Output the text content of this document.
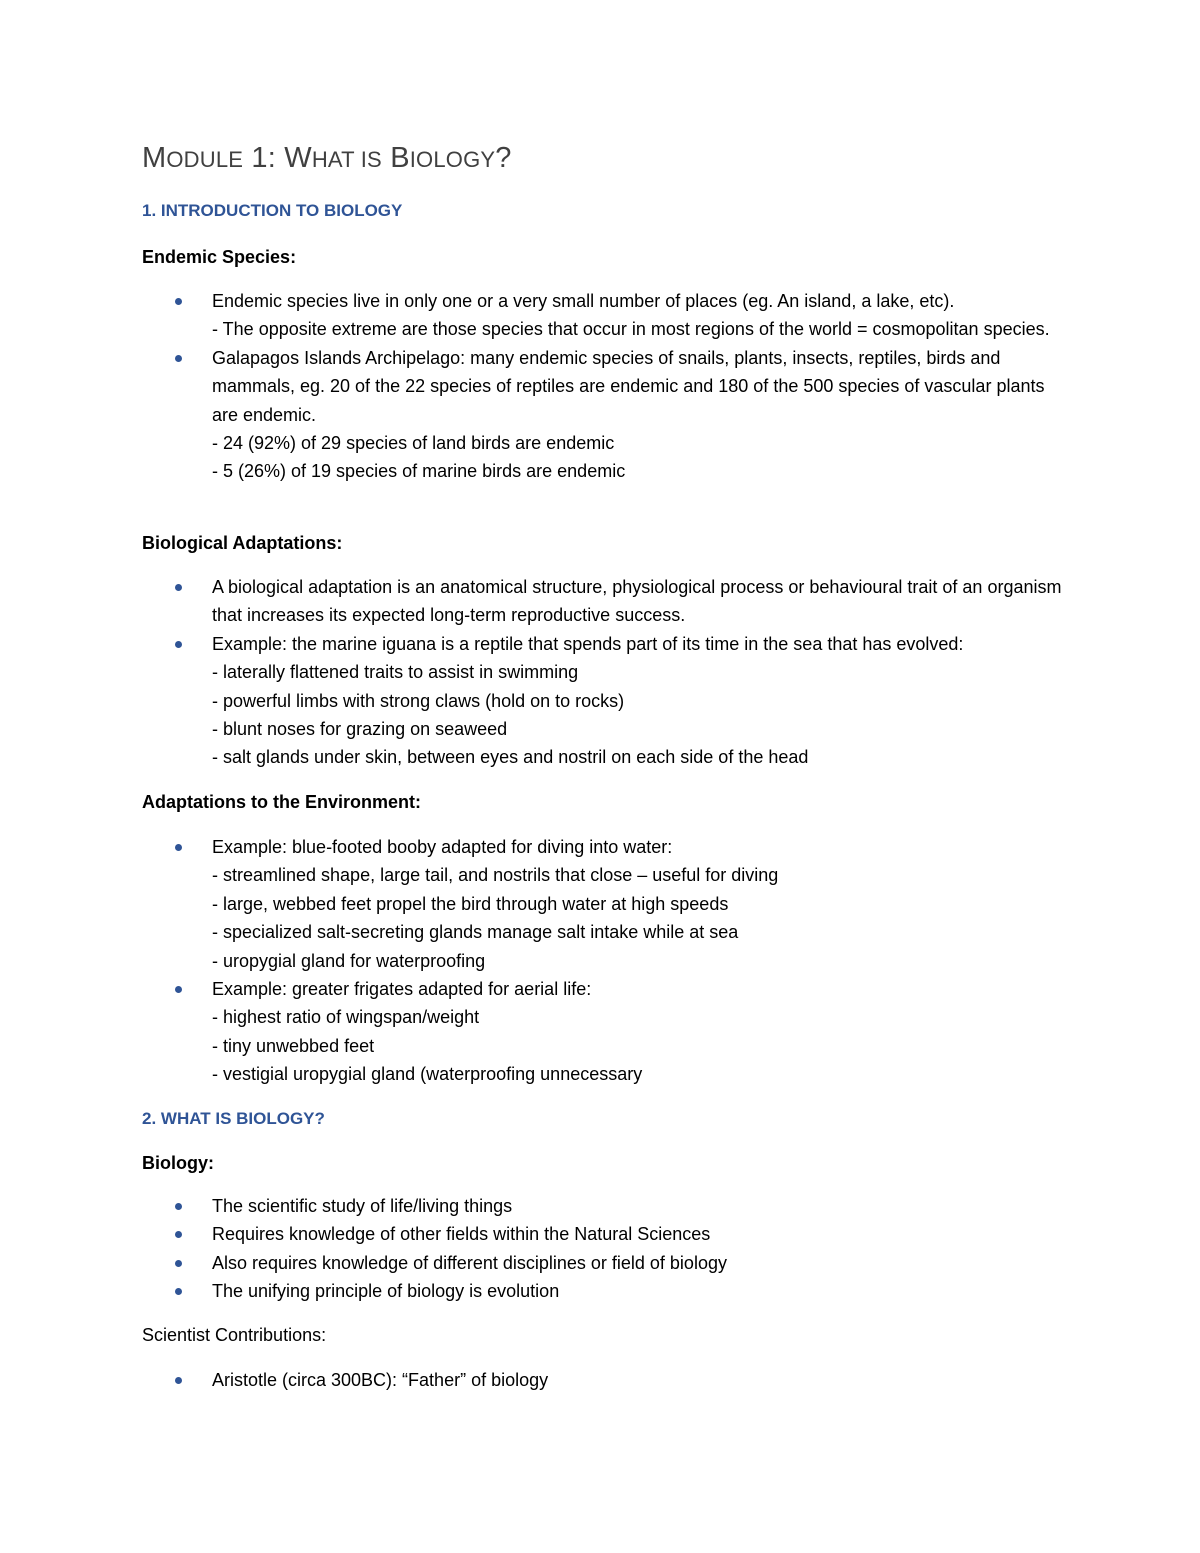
MODULE 1: WHAT IS BIOLOGY?
1. INTRODUCTION TO BIOLOGY
Endemic Species:
Endemic species live in only one or a very small number of places (eg. An island, a lake, etc).
- The opposite extreme are those species that occur in most regions of the world = cosmopolitan species.
Galapagos Islands Archipelago: many endemic species of snails, plants, insects, reptiles, birds and mammals, eg. 20 of the 22 species of reptiles are endemic and 180 of the 500 species of vascular plants are endemic.
- 24 (92%) of 29 species of land birds are endemic
- 5 (26%) of 19 species of marine birds are endemic
Biological Adaptations:
A biological adaptation is an anatomical structure, physiological process or behavioural trait of an organism that increases its expected long-term reproductive success.
Example: the marine iguana is a reptile that spends part of its time in the sea that has evolved:
- laterally flattened traits to assist in swimming
- powerful limbs with strong claws (hold on to rocks)
- blunt noses for grazing on seaweed
- salt glands under skin, between eyes and nostril on each side of the head
Adaptations to the Environment:
Example: blue-footed booby adapted for diving into water:
- streamlined shape, large tail, and nostrils that close – useful for diving
- large, webbed feet propel the bird through water at high speeds
- specialized salt-secreting glands manage salt intake while at sea
- uropygial gland for waterproofing
Example: greater frigates adapted for aerial life:
- highest ratio of wingspan/weight
- tiny unwebbed feet
- vestigial uropygial gland (waterproofing unnecessary
2. WHAT IS BIOLOGY?
Biology:
The scientific study of life/living things
Requires knowledge of other fields within the Natural Sciences
Also requires knowledge of different disciplines or field of biology
The unifying principle of biology is evolution
Scientist Contributions:
Aristotle (circa 300BC): “Father” of biology
